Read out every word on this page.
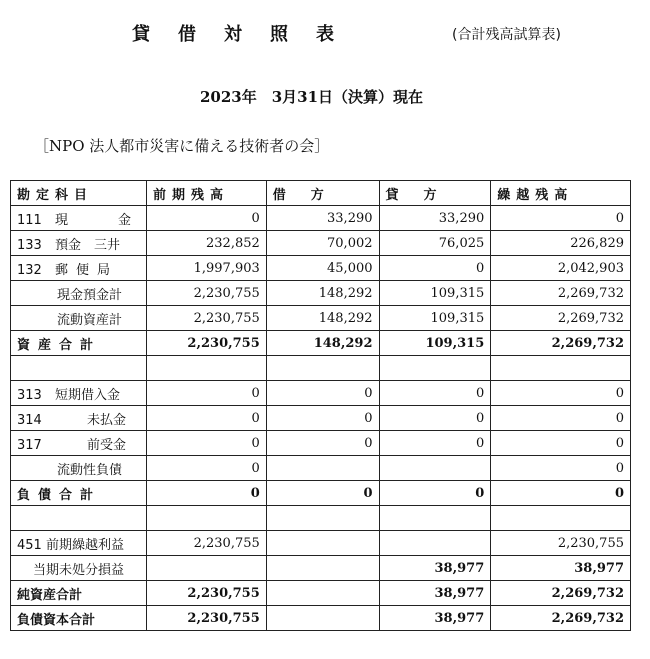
貸借対照表	(合計残高試算表)
2023年　3月31日（決算）現在
［NPO 法人都市災害に備える技術者の会］
勘定科目	前期残高	借　方	貸　方	繰越残高
111 現　　金	0	33,290	33,290	0
133 預金　三井	232,852	70,002	76,025	226,829
132 郵便局	1,997,903	45,000	0	2,042,903
現金預金計	2,230,755	148,292	109,315	2,269,732
流動資産計	2,230,755	148,292	109,315	2,269,732
資産合計	2,230,755	148,292	109,315	2,269,732

313 短期借入金	0	0	0	0
314 未払金	0	0	0	0
317 前受金	0	0	0	0
流動性負債	0			0
負債合計	0	0	0	0

451 前期繰越利益	2,230,755			2,230,755
当期未処分損益			38,977	38,977
純資産合計	2,230,755		38,977	2,269,732
負債資本合計	2,230,755		38,977	2,269,732
